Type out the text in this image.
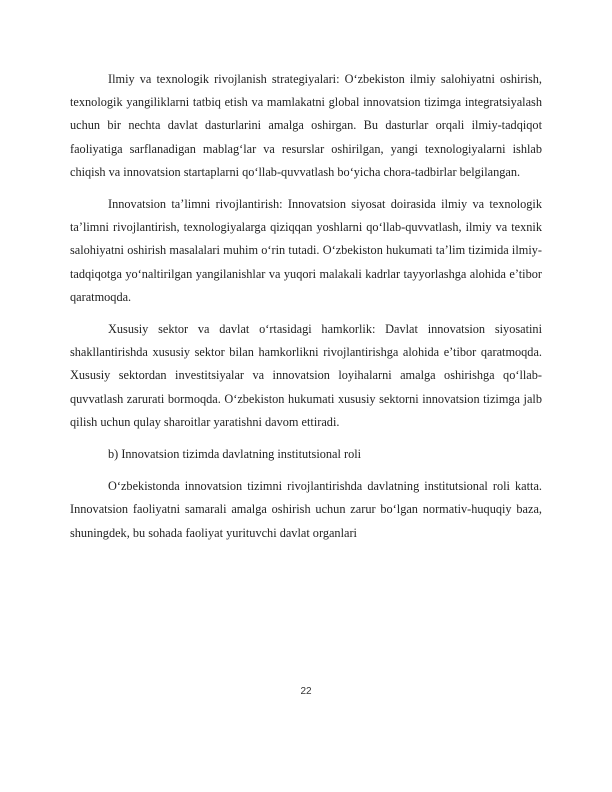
Ilmiy va texnologik rivojlanish strategiyalari: O‘zbekiston ilmiy salohiyatni oshirish, texnologik yangiliklarni tatbiq etish va mamlakatni global innovatsion tizimga integratsiyalash uchun bir nechta davlat dasturlarini amalga oshirgan. Bu dasturlar orqali ilmiy-tadqiqot faoliyatiga sarflanadigan mablag‘lar va resurslar oshirilgan, yangi texnologiyalarni ishlab chiqish va innovatsion startaplarni qo‘llab-quvvatlash bo‘yicha chora-tadbirlar belgilangan.

Innovatsion ta’limni rivojlantirish: Innovatsion siyosat doirasida ilmiy va texnologik ta’limni rivojlantirish, texnologiyalarga qiziqqan yoshlarni qo‘llab-quvvatlash, ilmiy va texnik salohiyatni oshirish masalalari muhim o‘rin tutadi. O‘zbekiston hukumati ta’lim tizimida ilmiy-tadqiqotga yo‘naltirilgan yangilanishlar va yuqori malakali kadrlar tayyorlashga alohida e’tibor qaratmoqda.

Xususiy sektor va davlat o‘rtasidagi hamkorlik: Davlat innovatsion siyosatini shakllantirishda xususiy sektor bilan hamkorlikni rivojlantirishga alohida e’tibor qaratmoqda. Xususiy sektordan investitsiyalar va innovatsion loyihalarni amalga oshirishga qo‘llab-quvvatlash zarurati bormoqda. O‘zbekiston hukumati xususiy sektorni innovatsion tizimga jalb qilish uchun qulay sharoitlar yaratishni davom ettiradi.

b) Innovatsion tizimda davlatning institutsional roli

O‘zbekistonda innovatsion tizimni rivojlantirishda davlatning institutsional roli katta. Innovatsion faoliyatni samarali amalga oshirish uchun zarur bo‘lgan normativ-huquqiy baza, shuningdek, bu sohada faoliyat yurituvchi davlat organlari

22
